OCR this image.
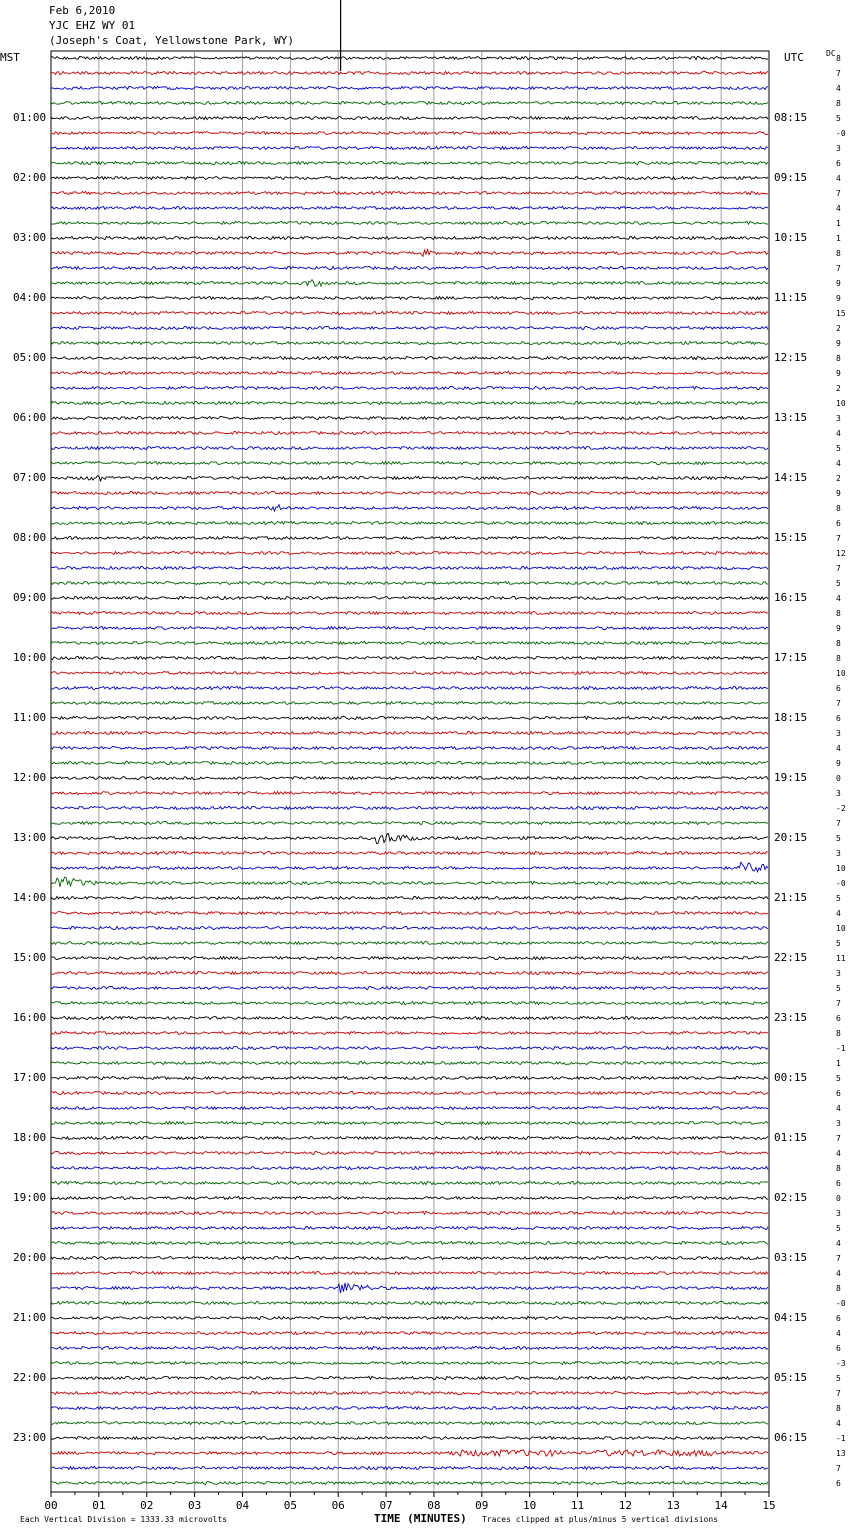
Feb 6,2010
YJC EHZ WY 01
(Joseph's Coat, Yellowstone Park, WY)
MST	UTC	DC
8
7
4
8
5
-0
3
6
4
7
4
1
1
8
7
9
9
15
2
9
8
9
2
10
3
4
5
4
2
9
8
6
7
12
7
5
4
8
9
8
8
10
6
7
6
3
4
9
0
3
-2
7
5
3
10
-0
5
4
10
5
11
3
5
7
6
8
-1
1
5
6
4
3
7
4
8
6
0
3
5
4
7
4
8
-0
6
4
6
-3
5
7
8
4
-1
13
7
6
01:00
02:00
03:00
04:00
05:00
06:00
07:00
08:00
09:00
10:00
11:00
12:00
13:00
14:00
15:00
16:00
17:00
18:00
19:00
20:00
21:00
22:00
23:00
08:15
09:15
10:15
11:15
12:15
13:15
14:15
15:15
16:15
17:15
18:15
19:15
20:15
21:15
22:15
23:15
00:15
01:15
02:15
03:15
04:15
05:15
06:15
00	01	02	03	04	05	06	07	08	09	10	11	12	13	14	15
Each Vertical Division = 1333.33 microvolts	TIME (MINUTES) Traces clipped at plus/minus 5 vertical divisions
